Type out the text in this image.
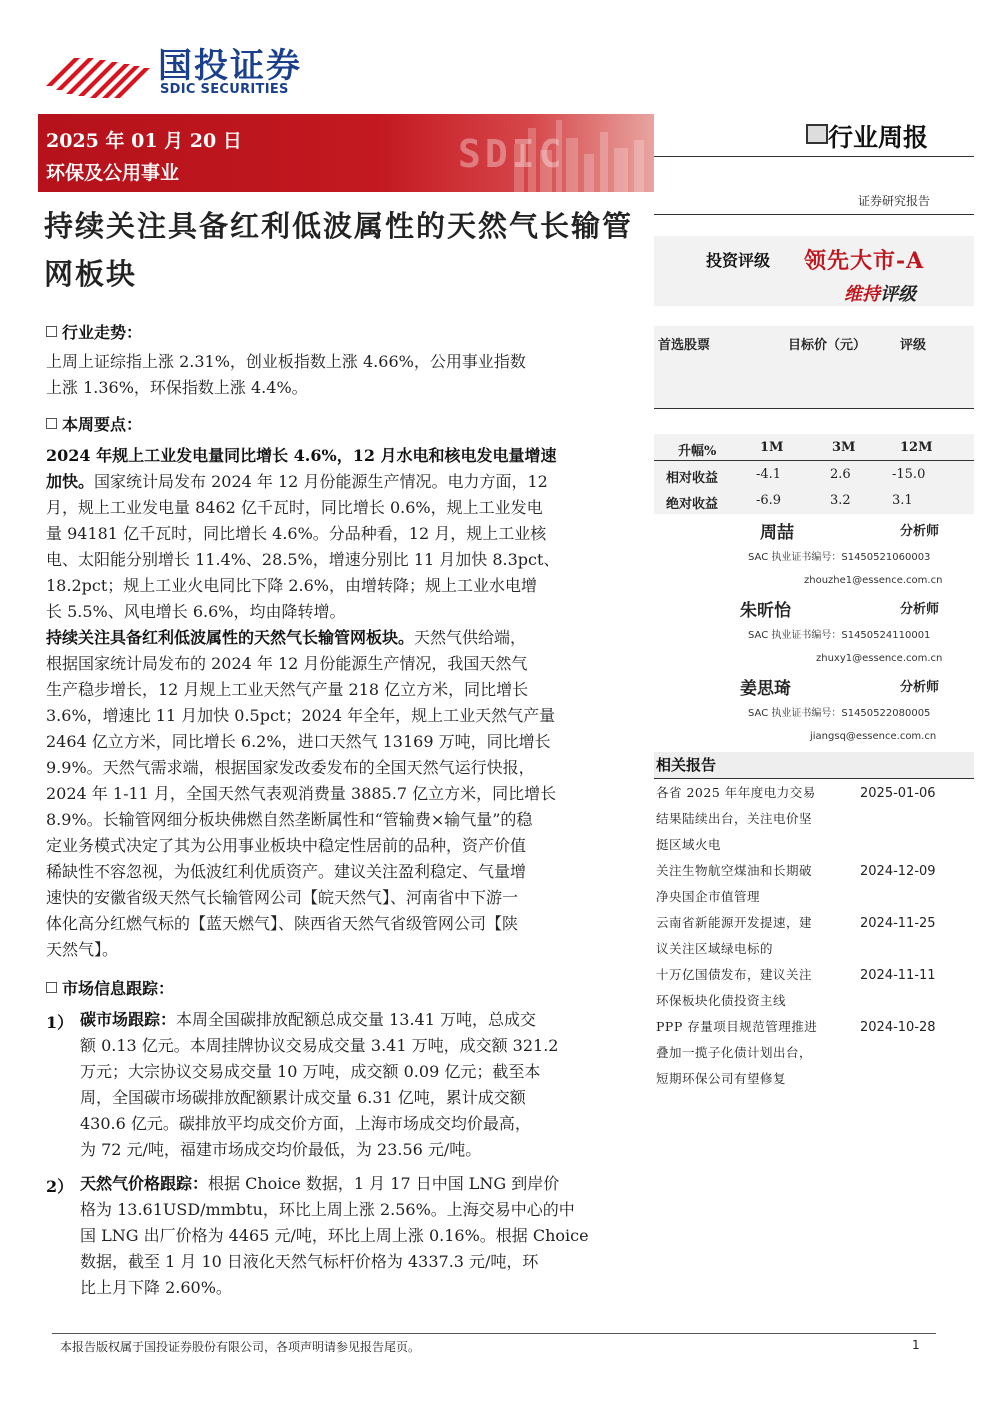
国投证券
SDIC SECURITIES
2025 年 01 月 20 日
环保及公用事业	SDIC
持续关注具备红利低波属性的天然气长输管网板块
行业周报
证券研究报告
投资评级 领先大市-A
维持评级
首选股票	目标价（元）	评级
升幅%	1M	3M	12M
相对收益	-4.1	2.6	-15.0
绝对收益	-6.9	3.2	3.1
周喆	分析师
SAC 执业证书编号：S1450521060003
zhouzhe1@essence.com.cn
朱昕怡	分析师
SAC 执业证书编号：S1450524110001
zhuxy1@essence.com.cn
姜思琦	分析师
SAC 执业证书编号：S1450522080005
jiangsq@essence.com.cn
相关报告
各省 2025 年年度电力交易
结果陆续出台，关注电价坚
挺区域火电
2025-01-06
关注生物航空煤油和长期破
净央国企市值管理
2024-12-09
云南省新能源开发提速，建
议关注区域绿电标的
2024-11-25
十万亿国债发布，建议关注
环保板块化债投资主线
2024-11-11
PPP 存量项目规范管理推进
叠加一揽子化债计划出台，
短期环保公司有望修复
2024-10-28
行业走势：
上周上证综指上涨 2.31%，创业板指数上涨 4.66%，公用事业指数
上涨 1.36%，环保指数上涨 4.4%。
本周要点：
2024 年规上工业发电量同比增长 4.6%，12 月水电和核电发电量增速
加快。国家统计局发布 2024 年 12 月份能源生产情况。电力方面，12
月，规上工业发电量 8462 亿千瓦时，同比增长 0.6%，规上工业发电
量 94181 亿千瓦时，同比增长 4.6%。分品种看，12 月，规上工业核
电、太阳能分别增长 11.4%、28.5%，增速分别比 11 月加快 8.3pct、
18.2pct；规上工业火电同比下降 2.6%，由增转降；规上工业水电增
长 5.5%、风电增长 6.6%，均由降转增。
持续关注具备红利低波属性的天然气长输管网板块。天然气供给端，
根据国家统计局发布的 2024 年 12 月份能源生产情况，我国天然气
生产稳步增长，12 月规上工业天然气产量 218 亿立方米，同比增长
3.6%，增速比 11 月加快 0.5pct；2024 年全年，规上工业天然气产量
2464 亿立方米，同比增长 6.2%，进口天然气 13169 万吨，同比增长
9.9%。天然气需求端，根据国家发改委发布的全国天然气运行快报，
2024 年 1-11 月，全国天然气表观消费量 3885.7 亿立方米，同比增长
8.9%。长输管网细分板块佛燃自然垄断属性和“管输费×输气量”的稳
定业务模式决定了其为公用事业板块中稳定性居前的品种，资产价值
稀缺性不容忽视，为低波红利优质资产。建议关注盈利稳定、气量增
速快的安徽省级天然气长输管网公司【皖天然气】、河南省中下游一
体化高分红燃气标的【蓝天燃气】、陕西省天然气省级管网公司【陕
天然气】。
市场信息跟踪：
1） 碳市场跟踪：本周全国碳排放配额总成交量 13.41 万吨，总成交
额 0.13 亿元。本周挂牌协议交易成交量 3.41 万吨，成交额 321.2
万元；大宗协议交易成交量 10 万吨，成交额 0.09 亿元；截至本
周，全国碳市场碳排放配额累计成交量 6.31 亿吨，累计成交额
430.6 亿元。碳排放平均成交价方面，上海市场成交均价最高，
为 72 元/吨，福建市场成交均价最低，为 23.56 元/吨。
2） 天然气价格跟踪：根据 Choice 数据，1 月 17 日中国 LNG 到岸价
格为 13.61USD/mmbtu，环比上周上涨 2.56%。上海交易中心的中
国 LNG 出厂价格为 4465 元/吨，环比上周上涨 0.16%。根据 Choice
数据，截至 1 月 10 日液化天然气标杆价格为 4337.3 元/吨，环
比上月下降 2.60%。
本报告版权属于国投证券股份有限公司，各项声明请参见报告尾页。	1
